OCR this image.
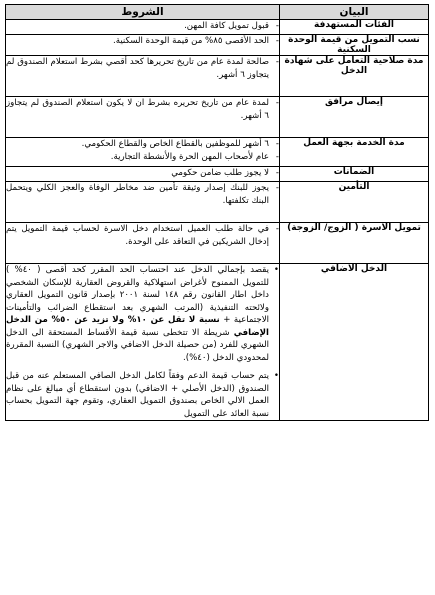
البيان	الشروط
الفئات المستهدفة	- قبول تمويل كافة المهن.

نسب التمويل من قيمة الوحدة السكنية	- الحد الأقصى ٨٥% من قيمة الوحدة السكنية.

مدة صلاحية التعامل على شهادة الدخل	- صالحة لمدة عام من تاريخ تحريرها كحد أقصي بشرط استعلام الصندوق لم يتجاوز ٦ أشهر.

إيصال مرافق	- لمدة عام من تاريخ تحريره بشرط ان لا يكون استعلام الصندوق لم يتجاوز ٦ أشهر.

مدة الخدمة بجهة العمل	- ٦ أشهر للموظفين بالقطاع الخاص والقطاع الحكومي.
- عام لأصحاب المهن الحرة والأنشطة التجارية.

الضمانات	- لا يجوز طلب ضامن حكومي

التأمين	- يجوز للبنك إصدار وثيقة تأمين ضد مخاطر الوفاة والعجز الكلي ويتحمل البنك تكلفتها.

تمويل الاسرة ( الزوج/ الزوجة)	- في حالة طلب العميل استخدام دخل الاسرة لحساب قيمة التمويل يتم إدخال الشريكين في التعاقد على الوحدة.

الدخل الاضافي	• يقصد بإجمالي الدخل عند احتساب الحد المقرر كحد أقصى ( ٤٠% ) للتمويل الممنوح لأغراض استهلاكية والقروض العقارية للإسكان الشخصي داخل اطار القانون رقم ١٤٨ لسنة ٢٠٠١ بإصدار قانون التمويل العقاري ولائحته التنفيذية (المرتب الشهري بعد استقطاع الضرائب والتأمينات الاجتماعية + نسبة لا تقل عن ١٠% ولا تزيد عن ٥٠% من الدخل الإضافي شريطة الا تتخطى نسبة قيمة الأقساط المستحقة الى الدخل الشهري للفرد (من حصيلة الدخل الاضافي والاجر الشهري) النسبة المقررة لمحدودي الدخل (٤٠%).
• يتم حساب قيمة الدعم وفقاً لكامل الدخل الصافي المستعلم عنه من قبل الصندوق (الدخل الأصلي + الاضافي) بدون استقطاع أي مبالغ على نظام العمل الالي الخاص بصندوق التمويل العقاري، وتقوم جهة التمويل بحساب نسبة العائد على التمويل
